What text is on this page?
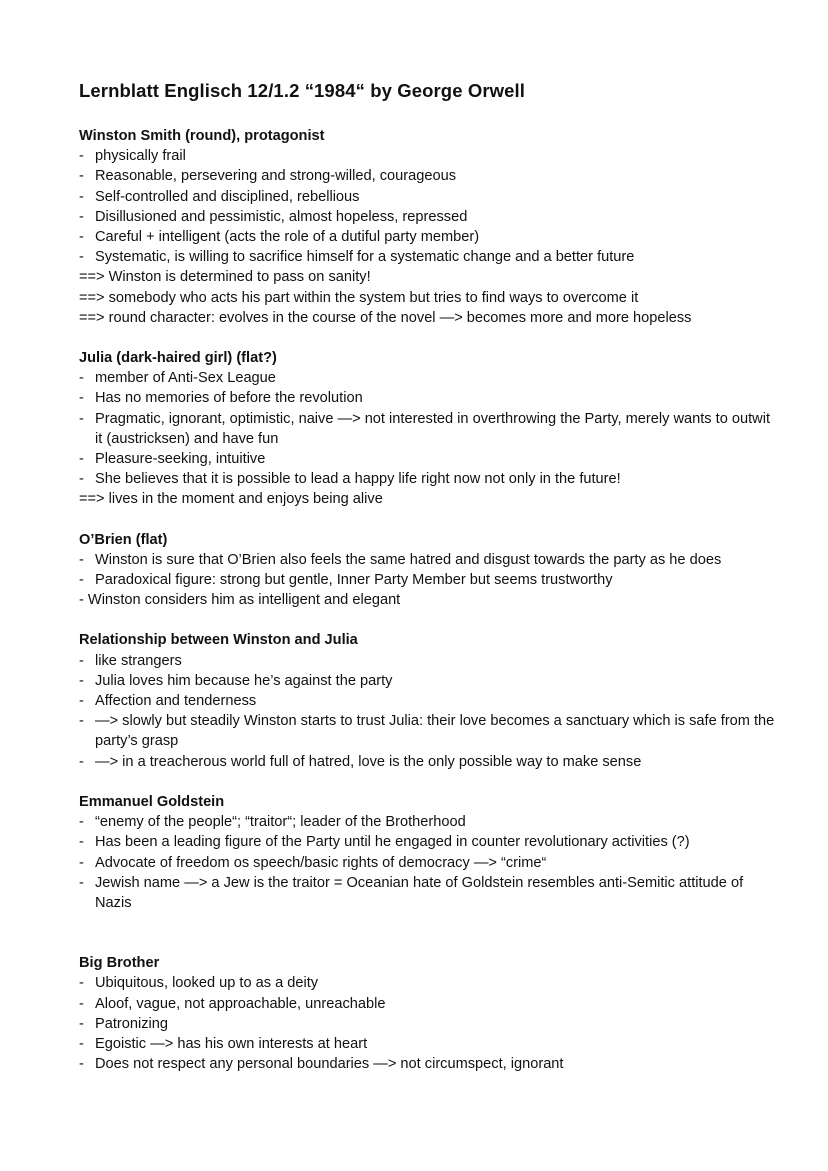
Lernblatt Englisch 12/1.2 “1984“ by George Orwell
Winston Smith (round), protagonist
- physically frail
- Reasonable, persevering and strong-willed, courageous
- Self-controlled and disciplined, rebellious
- Disillusioned and pessimistic, almost hopeless, repressed
- Careful + intelligent (acts the role of a dutiful party member)
- Systematic, is willing to sacrifice himself for a systematic change and a better future
==> Winston is determined to pass on sanity!
==> somebody who acts his part within the system but tries to find ways to overcome it
==> round character: evolves in the course of the novel —> becomes more and more hopeless
Julia (dark-haired girl) (flat?)
- member of Anti-Sex League
- Has no memories of before the revolution
- Pragmatic, ignorant, optimistic, naive —> not interested in overthrowing the Party, merely wants to outwit it (austricksen) and have fun
- Pleasure-seeking, intuitive
- She believes that it is possible to lead a happy life right now not only in the future!
==> lives in the moment and enjoys being alive
O’Brien (flat)
- Winston is sure that O’Brien also feels the same hatred and disgust towards the party as he does
- Paradoxical figure: strong but gentle, Inner Party Member but seems trustworthy
- Winston considers him as intelligent and elegant
Relationship between Winston and Julia
- like strangers
- Julia loves him because he’s against the party
- Affection and tenderness
- —> slowly but steadily Winston starts to trust Julia: their love becomes a sanctuary which is safe from the party’s grasp
- —> in a treacherous world full of hatred, love is the only possible way to make sense
Emmanuel Goldstein
- “enemy of the people“; “traitor“; leader of the Brotherhood
- Has been a leading figure of the Party until he engaged in counter revolutionary activities (?)
- Advocate of freedom os speech/basic rights of democracy —> “crime“
- Jewish name —> a Jew is the traitor = Oceanian hate of Goldstein resembles anti-Semitic attitude of Nazis
Big Brother
- Ubiquitous, looked up to as a deity
- Aloof, vague, not approachable, unreachable
- Patronizing
- Egoistic —> has his own interests at heart
- Does not respect any personal boundaries —> not circumspect, ignorant
